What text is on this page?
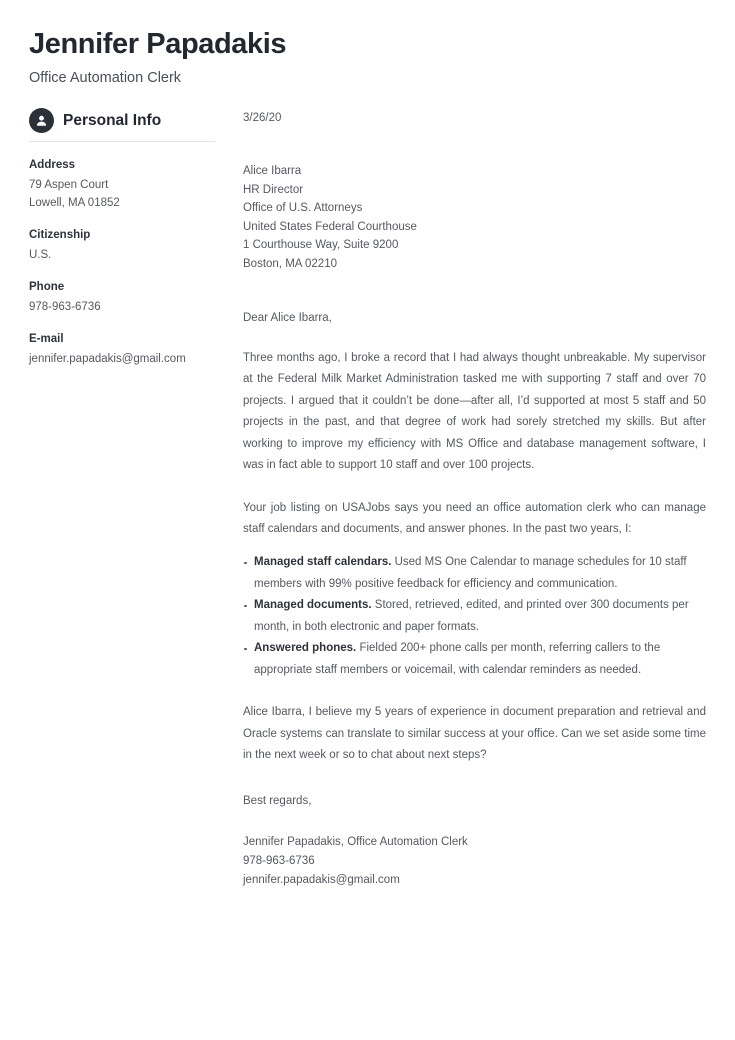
Jennifer Papadakis
Office Automation Clerk
Personal Info
Address
79 Aspen Court
Lowell, MA 01852
Citizenship
U.S.
Phone
978-963-6736
E-mail
jennifer.papadakis@gmail.com
3/26/20
Alice Ibarra
HR Director
Office of U.S. Attorneys
United States Federal Courthouse
1 Courthouse Way, Suite 9200
Boston, MA 02210
Dear Alice Ibarra,

Three months ago, I broke a record that I had always thought unbreakable. My supervisor at the Federal Milk Market Administration tasked me with supporting 7 staff and over 70 projects. I argued that it couldn’t be done—after all, I’d supported at most 5 staff and 50 projects in the past, and that degree of work had sorely stretched my skills. But after working to improve my efficiency with MS Office and database management software, I was in fact able to support 10 staff and over 100 projects.

Your job listing on USAJobs says you need an office automation clerk who can manage staff calendars and documents, and answer phones. In the past two years, I:

Managed staff calendars. Used MS One Calendar to manage schedules for 10 staff members with 99% positive feedback for efficiency and communication.
Managed documents. Stored, retrieved, edited, and printed over 300 documents per month, in both electronic and paper formats.
Answered phones. Fielded 200+ phone calls per month, referring callers to the appropriate staff members or voicemail, with calendar reminders as needed.

Alice Ibarra, I believe my 5 years of experience in document preparation and retrieval and Oracle systems can translate to similar success at your office. Can we set aside some time in the next week or so to chat about next steps?

Best regards,
Jennifer Papadakis, Office Automation Clerk
978-963-6736
jennifer.papadakis@gmail.com
